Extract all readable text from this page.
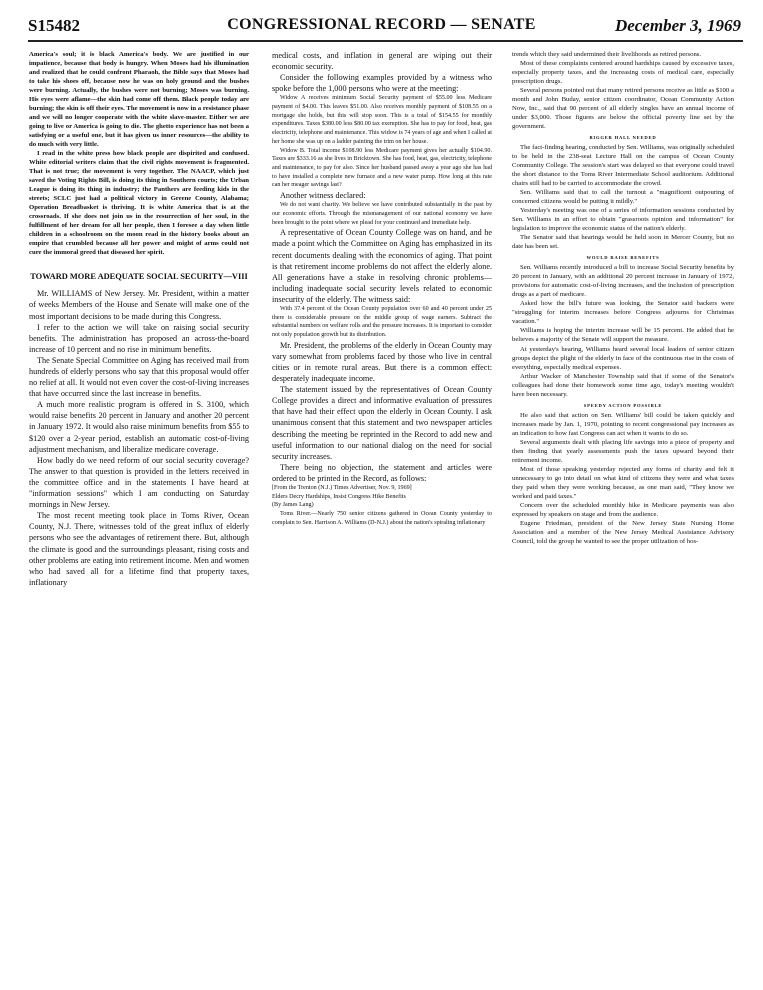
S15482	CONGRESSIONAL RECORD — SENATE	December 3, 1969

America's soul; it is black America's body. We are justified in our impatience, because that body is hungry. When Moses had his illumination and realized that he could confront Pharaoh, the Bible says that Moses had to take his shoes off, because now he was on holy ground and the bushes were burning. Actually, the bushes were not burning; Moses was burning. His eyes were aflame—the skin had come off them. Black people today are burning; the skin is off their eyes. The movement is now in a resistance phase and we will no longer cooperate with the white slave-master. Either we are going to live or America is going to die. The ghetto experience has not been a satisfying or a useful one, but it has given us inner resources—the ability to do much with very little.

I read in the white press how black people are dispirited and confused. White editorial writers claim that the civil rights movement is fragmented. That is not true; the movement is very together. The NAACP, which just saved the Voting Rights Bill, is doing its thing in Southern courts; the Urban League is doing its thing in industry; the Panthers are feeding kids in the streets; SCLC just had a political victory in Greene County, Alabama; Operation Breadbasket is thriving. It is white America that is at the crossroads. If she does not join us in the resurrection of her soul, in the fulfillment of her dream for all her people, then I foresee a day when little children in a schoolroom on the moon read in the history books about an empire that crumbled because all her power and might of arms could not cure the immoral greed that diseased her spirit.

TOWARD MORE ADEQUATE SOCIAL SECURITY—VIII

Mr. WILLIAMS of New Jersey. Mr. President, within a matter of weeks Members of the House and Senate will make one of the most important decisions to be made during this Congress.

I refer to the action we will take on raising social security benefits. The administration has proposed an across-the-board increase of 10 percent and no rise in minimum benefits.

The Senate Special Committee on Aging has received mail from hundreds of elderly persons who say that this proposal would offer no relief at all. It would not even cover the cost-of-living increases that have occurred since the last increase in benefits.

A much more realistic program is offered in S. 3100, which would raise benefits 20 percent in January and another 20 percent in January 1972. It would also raise minimum benefits from $55 to $120 over a 2-year period, establish an automatic cost-of-living adjustment mechanism, and liberalize medicare coverage.

How badly do we need reform of our social security coverage? The answer to that question is provided in the letters received in the committee office and in the statements I have heard at "information sessions" which I am conducting on Saturday mornings in New Jersey.

The most recent meeting took place in Toms River, Ocean County, N.J. There, witnesses told of the great influx of elderly persons who see the advantages of retirement there. But, although the climate is good and the surroundings pleasant, rising costs and other problems are eating into retirement income. Men and women who had saved all for a lifetime find that property taxes, inflationary

medical costs, and inflation in general are wiping out their economic security.

Consider the following examples provided by a witness who spoke before the 1,000 persons who were at the meeting:

Widow A receives minimum Social Security payment of $55.00 less Medicare payment of $4.00. This leaves $51.00. Also receives monthly payment of $108.55 on a mortgage she holds, but this will stop soon. This is a total of $154.55 for monthly expenditures. Taxes $380.00 less $80.00 tax exemption. She has to pay for food, heat, gas electricity, telephone and maintenance. This widow is 74 years of age and when I called at her home she was up on a ladder painting the trim on her house.

Widow B. Total income $108.90 less Medicare payment gives her actually $104.90. Taxes are $333.16 as she lives in Bricktown. She has food, heat, gas, electricity, telephone and maintenance, to pay for also. Since her husband passed away a year ago she has had to have installed a complete new furnace and a new water pump. How long at this rate can her meager savings last?

Another witness declared:

We do not want charity. We believe we have contributed substantially in the past by our economic efforts. Through the mismanagement of our national economy we have been brought to the point where we plead for your continued and immediate help.

A representative of Ocean County College was on hand, and he made a point which the Committee on Aging has emphasized in its recent documents dealing with the economics of aging. That point is that retirement income problems do not affect the elderly alone. All generations have a stake in resolving chronic problems—including inadequate social security levels related to economic insecurity of the elderly. The witness said:

With 37.4 percent of the Ocean County population over 60 and 40 percent under 25 there is considerable pressure on the middle group of wage earners. Subtract the substantial numbers on welfare rolls and the pressure increases. It is important to consider not only population growth but its distribution.

Mr. President, the problems of the elderly in Ocean County may vary somewhat from problems faced by those who live in central cities or in remote rural areas. But there is a common effect: desperately inadequate income.

The statement issued by the representatives of Ocean County College provides a direct and informative evaluation of pressures that have had their effect upon the elderly in Ocean County. I ask unanimous consent that this statement and two newspaper articles describing the meeting be reprinted in the Record to add new and useful information to our national dialog on the need for social security increases.

There being no objection, the statement and articles were ordered to be printed in the Record, as follows:

[From the Trenton (N.J.) Times Advertiser, Nov. 9, 1969]

Elders Decry Hardships, Insist Congress Hike Benefits

(By James Lang)

Toms River.—Nearly 750 senior citizens gathered in Ocean County yesterday to complain to Sen. Harrison A. Williams (D-N.J.) about the nation's spiraling inflationary

trends which they said undermined their livelihoods as retired persons.

Most of these complaints centered around hardships caused by excessive taxes, especially property taxes, and the increasing costs of medical care, especially prescription drugs.

Several persons pointed out that many retired persons receive as little as $100 a month and John Buday, senior citizen coordinator, Ocean Community Action Now, Inc., said that 90 percent of all elderly singles have an annual income of under $3,000. Those figures are below the official poverty line set by the government.

BIGGER HALL NEEDED

The fact-finding hearing, conducted by Sen. Williams, was originally scheduled to be held in the 238-seat Lecture Hall on the campus of Ocean County Community College. The session's start was delayed so that everyone could travel the short distance to the Toms River Intermediate School auditorium. Additional chairs still had to be carried to accommodate the crowd.

Sen. Williams said that to call the turnout a "magnificent outpouring of concerned citizens would be putting it mildly."

Yesterday's meeting was one of a series of information sessions conducted by Sen. Williams in an effort to obtain "grassroots opinion and information" for legislation to improve the economic status of the nation's elderly.

The Senator said that hearings would be held soon in Mercer County, but no date has been set.

WOULD RAISE BENEFITS

Sen. Williams recently introduced a bill to increase Social Security benefits by 20 percent in January, with an additional 20 percent increase in January of 1972, provisions for automatic cost-of-living increases, and the inclusion of prescription drugs as a part of medicare.

Asked how the bill's future was looking, the Senator said backers were "struggling for interim increases before Congress adjourns for Christmas vacation."

Williams is hoping the interim increase will be 15 percent. He added that he believes a majority of the Senate will support the measure.

At yesterday's hearing, Williams heard several local leaders of senior citizen groups depict the plight of the elderly in face of the continuous rise in the costs of everything, especially medical expenses.

Arthur Wacker of Manchester Township said that if some of the Senator's colleagues had done their homework some time ago, today's meeting wouldn't have been necessary.

SPEEDY ACTION POSSIBLE

He also said that action on Sen. Williams' bill could be taken quickly and increases made by Jan. 1, 1970, pointing to recent congressional pay increases as an indication to how fast Congress can act when it wants to do so.

Several arguments dealt with placing life savings into a piece of property and then finding that yearly assessments push the taxes upward beyond their retirement income.

Most of those speaking yesterday rejected any forms of charity and felt it unnecessary to go into detail on what kind of citizens they were and what taxes they paid when they were working because, as one man said, "They know we worked and paid taxes."

Concern over the scheduled monthly hike in Medicare payments was also expressed by speakers on stage and from the audience.

Eugene Friedman, president of the New Jersey State Nursing Home Association and a member of the New Jersey Medical Assistance Advisory Council, told the group he wanted to see the proper utilization of hos-
